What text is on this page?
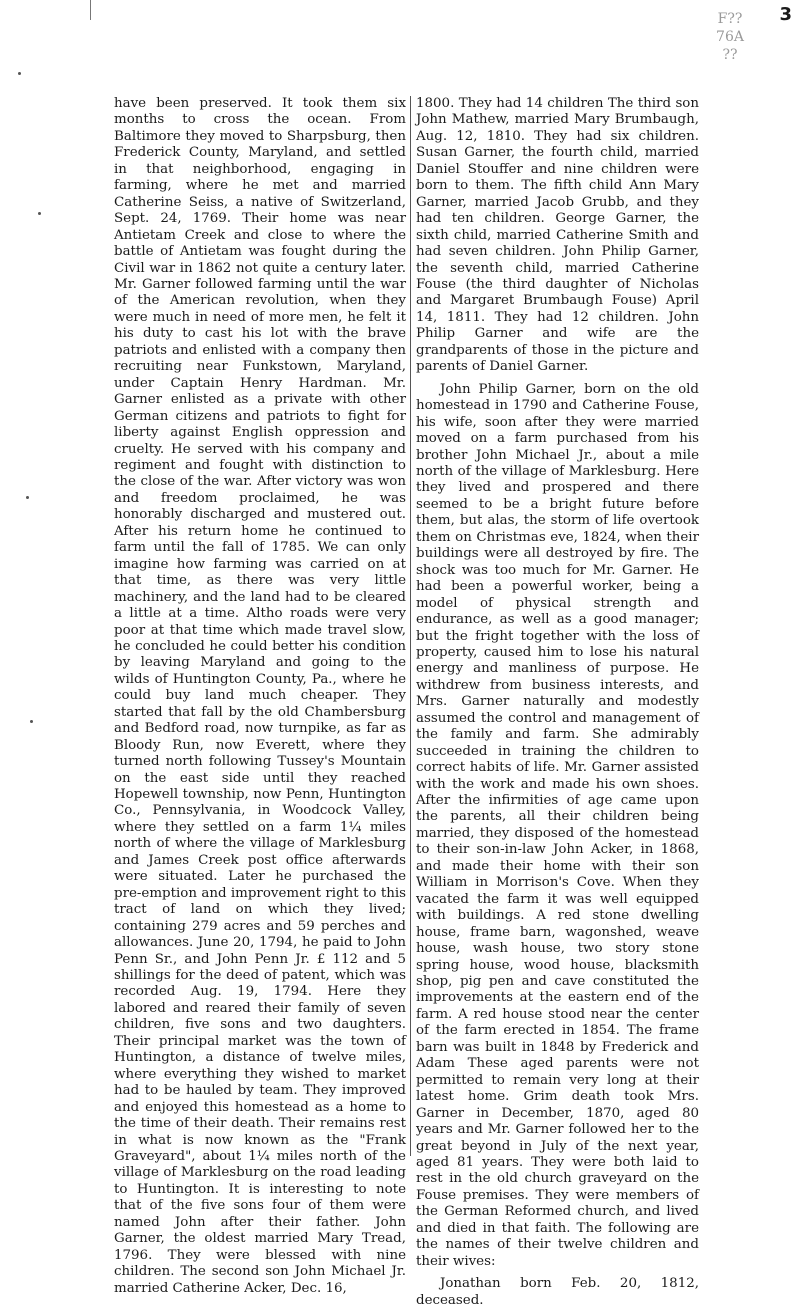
F??
76A
??
3

have been preserved. It took them six months to cross the ocean. From Baltimore they moved to Sharpsburg, then Frederick County, Maryland, and settled in that neighborhood, engaging in farming, where he met and married Catherine Seiss, a native of Switzerland, Sept. 24, 1769. Their home was near Antietam Creek and close to where the battle of Antietam was fought during the Civil war in 1862 not quite a century later. Mr. Garner followed farming until the war of the American revolution, when they were much in need of more men, he felt it his duty to cast his lot with the brave patriots and enlisted with a company then recruiting near Funkstown, Maryland, under Captain Henry Hardman. Mr. Garner enlisted as a private with other German citizens and patriots to fight for liberty against English oppression and cruelty. He served with his company and regiment and fought with distinction to the close of the war. After victory was won and freedom proclaimed, he was honorably discharged and mustered out. After his return home he continued to farm until the fall of 1785. We can only imagine how farming was carried on at that time, as there was very little machinery, and the land had to be cleared a little at a time. Altho roads were very poor at that time which made travel slow, he concluded he could better his condition by leaving Maryland and going to the wilds of Huntington County, Pa., where he could buy land much cheaper. They started that fall by the old Chambersburg and Bedford road, now turnpike, as far as Bloody Run, now Everett, where they turned north following Tussey's Mountain on the east side until they reached Hopewell township, now Penn, Huntington Co., Pennsylvania, in Woodcock Valley, where they settled on a farm 1¼ miles north of where the village of Marklesburg and James Creek post office afterwards were situated. Later he purchased the pre-emption and improvement right to this tract of land on which they lived; containing 279 acres and 59 perches and allowances. June 20, 1794, he paid to John Penn Sr., and John Penn Jr. £ 112 and 5 shillings for the deed of patent, which was recorded Aug. 19, 1794. Here they labored and reared their family of seven children, five sons and two daughters. Their principal market was the town of Huntington, a distance of twelve miles, where everything they wished to market had to be hauled by team. They improved and enjoyed this homestead as a home to the time of their death. Their remains rest in what is now known as the "Frank Graveyard", about 1¼ miles north of the village of Marklesburg on the road leading to Huntington. It is interesting to note that of the five sons four of them were named John after their father. John Garner, the oldest married Mary Tread, 1796. They were blessed with nine children. The second son John Michael Jr. married Catherine Acker, Dec. 16,

1800. They had 14 children The third son John Mathew, married Mary Brumbaugh, Aug. 12, 1810. They had six children. Susan Garner, the fourth child, married Daniel Stouffer and nine children were born to them. The fifth child Ann Mary Garner, married Jacob Grubb, and they had ten children. George Garner, the sixth child, married Catherine Smith and had seven children. John Philip Garner, the seventh child, married Catherine Fouse (the third daughter of Nicholas and Margaret Brumbaugh Fouse) April 14, 1811. They had 12 children. John Philip Garner and wife are the grandparents of those in the picture and parents of Daniel Garner.

John Philip Garner, born on the old homestead in 1790 and Catherine Fouse, his wife, soon after they were married moved on a farm purchased from his brother John Michael Jr., about a mile north of the village of Marklesburg. Here they lived and prospered and there seemed to be a bright future before them, but alas, the storm of life overtook them on Christmas eve, 1824, when their buildings were all destroyed by fire. The shock was too much for Mr. Garner. He had been a powerful worker, being a model of physical strength and endurance, as well as a good manager; but the fright together with the loss of property, caused him to lose his natural energy and manliness of purpose. He withdrew from business interests, and Mrs. Garner naturally and modestly assumed the control and management of the family and farm. She admirably succeeded in training the children to correct habits of life. Mr. Garner assisted with the work and made his own shoes. After the infirmities of age came upon the parents, all their children being married, they disposed of the homestead to their son-in-law John Acker, in 1868, and made their home with their son William in Morrison's Cove. When they vacated the farm it was well equipped with buildings. A red stone dwelling house, frame barn, wagonshed, weave house, wash house, two story stone spring house, wood house, blacksmith shop, pig pen and cave constituted the improvements at the eastern end of the farm. A red house stood near the center of the farm erected in 1854. The frame barn was built in 1848 by Frederick and Adam These aged parents were not permitted to remain very long at their latest home. Grim death took Mrs. Garner in December, 1870, aged 80 years and Mr. Garner followed her to the great beyond in July of the next year, aged 81 years. They were both laid to rest in the old church graveyard on the Fouse premises. They were members of the German Reformed church, and lived and died in that faith. The following are the names of their twelve children and their wives:

Jonathan born Feb. 20, 1812, deceased.
